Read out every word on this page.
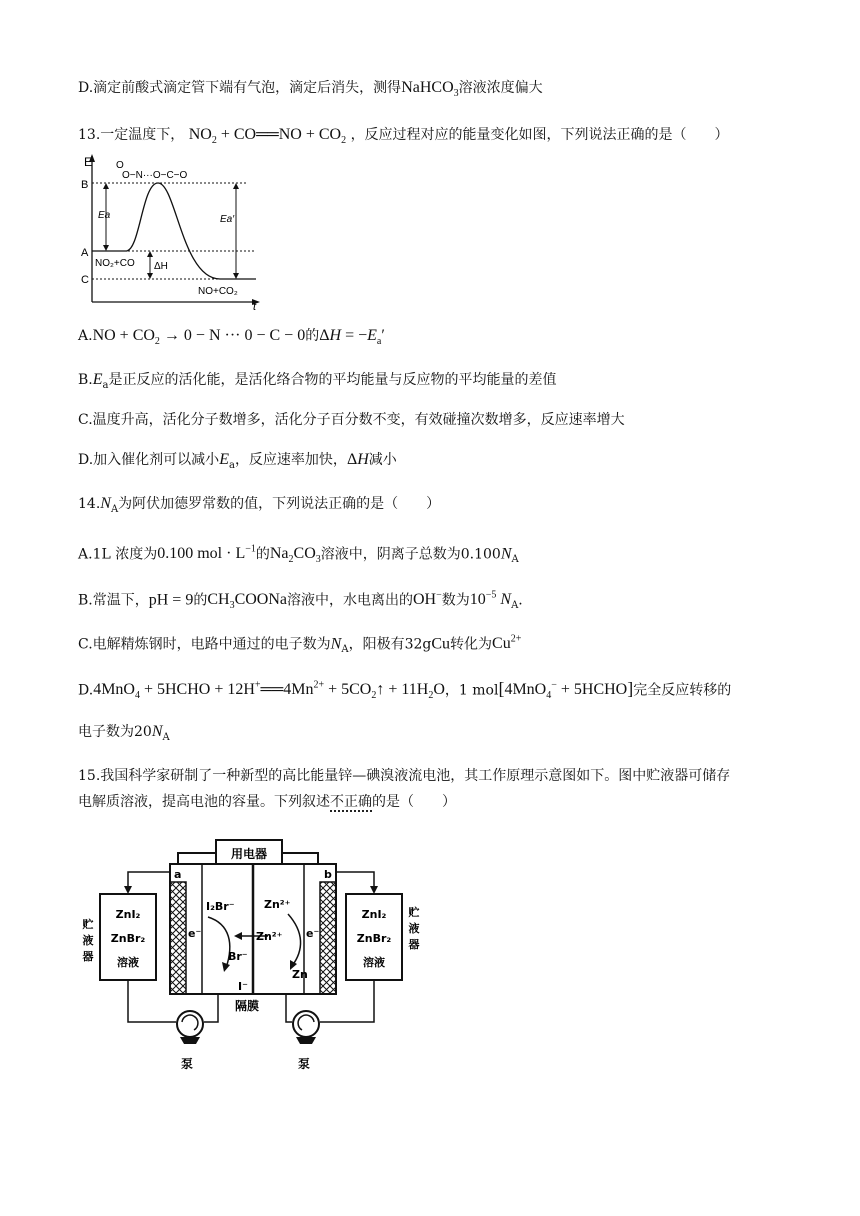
D.滴定前酸式滴定管下端有气泡，滴定后消失，测得NaHCO$_3$溶液浓度偏大
13.一定温度下， $NO_2$ + CO══NO + $CO_2$ ，反应过程对应的能量变化如图，下列说法正确的是（　　）
E
t
B
A
C
O
O−N···O−C−O
Ea	Ea′
ΔH
NO₂+CO
NO+CO₂
$A.NO + CO_2 \to 0 - N$ ··· 0 − C − 0的$\Delta H = -E_a'$
$B.E_a$是正反应的活化能，是活化络合物的平均能量与反应物的平均能量的差值
C.温度升高，活化分子数增多，活化分子百分数不变，有效碰撞次数增多，反应速率增大
D.加入催化剂可以减小$E_a$，反应速率加快，ΔH减小
$14.N_A$为阿伏加德罗常数的值，下列说法正确的是（　　）
A.1L 浓度为0.100 mol · $L^{-1}$的$Na_2CO_3$溶液中，阴离子总数为$0.100N_A$
B.常温下，pH = 9的$CH_3COONa$溶液中，水电离出的OH−数为$10^{-5}$ $N_A$.
C.电解精炼钢时，电路中通过的电子数为$N_A$，阳极有32gCu转化为$Cu^{2+}$
D.4MnO$_4$ + 5HCHO + $12H^+══4Mn^{2+}$ + $5CO_2↑ + 11H_2O$，1 mol[4MnO$_4$− + 5HCHO]完全反应转移的
电子数为$20N_A$
15.我国科学家研制了一种新型的高比能量锌—碘溴液流电池，其工作原理示意图如下。图中贮液器可储存
电解质溶液，提高电池的容量。下列叙述不正确的是（　　）
用电器
a	b
e⁻	e⁻
I₂Br⁻
Br⁻
I⁻
Zn²⁺
Zn²⁺
Zn
隔膜
ZnI₂
ZnBr₂
溶液
ZnI₂
ZnBr₂
溶液
贮
液
器
贮
液
器
泵	泵
